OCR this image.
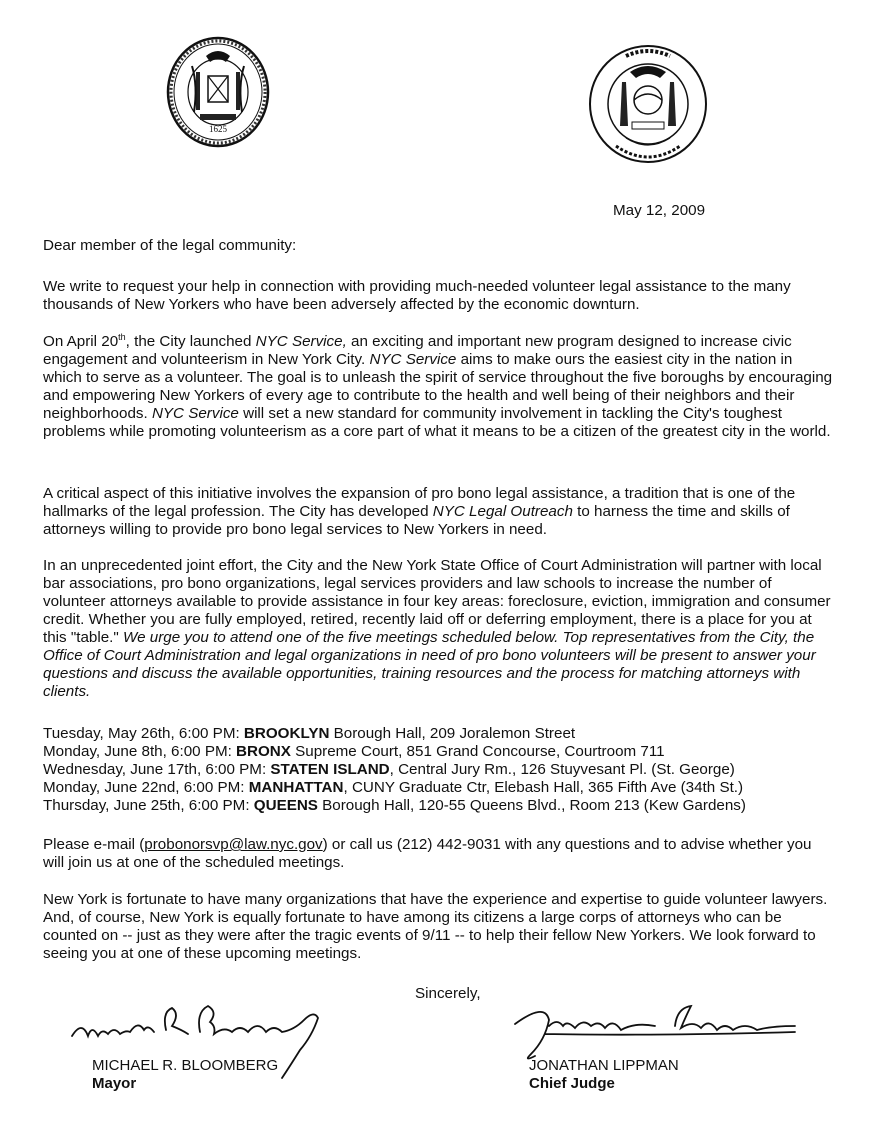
1625
May 12, 2009

Dear member of the legal community:

We write to request your help in connection with providing much-needed volunteer legal assistance to the many thousands of New Yorkers who have been adversely affected by the economic downturn.

On April 20th, the City launched NYC Service, an exciting and important new program designed to increase civic engagement and volunteerism in New York City. NYC Service aims to make ours the easiest city in the nation in which to serve as a volunteer. The goal is to unleash the spirit of service throughout the five boroughs by encouraging and empowering New Yorkers of every age to contribute to the health and well being of their neighbors and their neighborhoods. NYC Service will set a new standard for community involvement in tackling the City's toughest problems while promoting volunteerism as a core part of what it means to be a citizen of the greatest city in the world.

A critical aspect of this initiative involves the expansion of pro bono legal assistance, a tradition that is one of the hallmarks of the legal profession. The City has developed NYC Legal Outreach to harness the time and skills of attorneys willing to provide pro bono legal services to New Yorkers in need.

In an unprecedented joint effort, the City and the New York State Office of Court Administration will partner with local bar associations, pro bono organizations, legal services providers and law schools to increase the number of volunteer attorneys available to provide assistance in four key areas: foreclosure, eviction, immigration and consumer credit. Whether you are fully employed, retired, recently laid off or deferring employment, there is a place for you at this "table." We urge you to attend one of the five meetings scheduled below. Top representatives from the City, the Office of Court Administration and legal organizations in need of pro bono volunteers will be present to answer your questions and discuss the available opportunities, training resources and the process for matching attorneys with clients.

Tuesday, May 26th, 6:00 PM: BROOKLYN Borough Hall, 209 Joralemon Street
Monday, June 8th, 6:00 PM: BRONX Supreme Court, 851 Grand Concourse, Courtroom 711
Wednesday, June 17th, 6:00 PM: STATEN ISLAND, Central Jury Rm., 126 Stuyvesant Pl. (St. George)
Monday, June 22nd, 6:00 PM: MANHATTAN, CUNY Graduate Ctr, Elebash Hall, 365 Fifth Ave (34th St.)
Thursday, June 25th, 6:00 PM: QUEENS Borough Hall, 120-55 Queens Blvd., Room 213 (Kew Gardens)

Please e-mail (probonorsvp@law.nyc.gov) or call us (212) 442-9031 with any questions and to advise whether you will join us at one of the scheduled meetings.

New York is fortunate to have many organizations that have the experience and expertise to guide volunteer lawyers. And, of course, New York is equally fortunate to have among its citizens a large corps of attorneys who can be counted on -- just as they were after the tragic events of 9/11 -- to help their fellow New Yorkers. We look forward to seeing you at one of these upcoming meetings.

Sincerely,
MICHAEL R. BLOOMBERG
Mayor
JONATHAN LIPPMAN
Chief Judge
